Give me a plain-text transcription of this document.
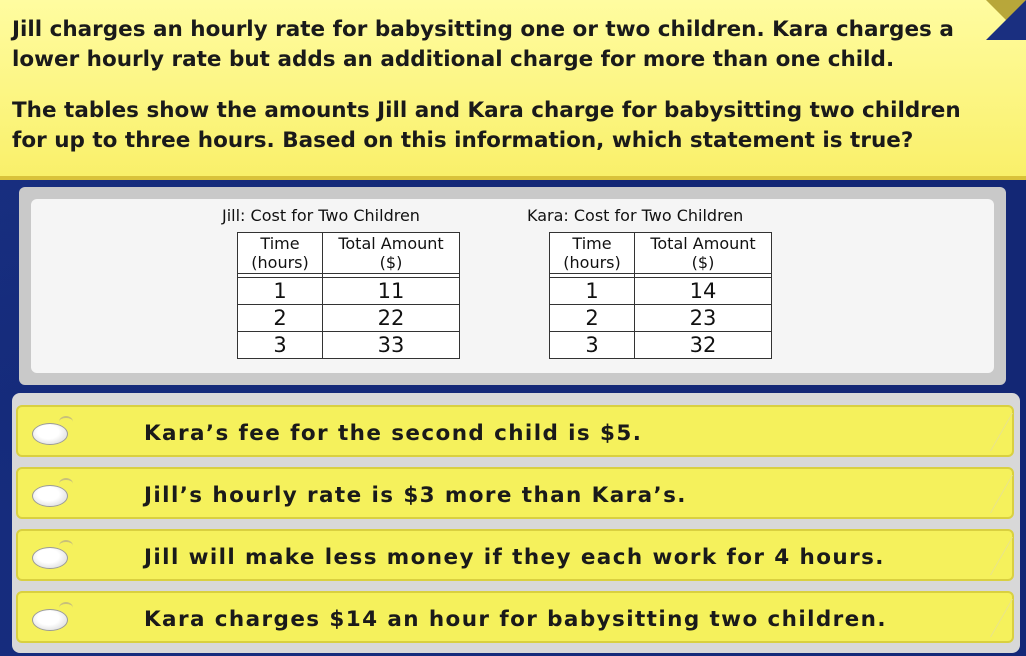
Jill charges an hourly rate for babysitting one or two children. Kara charges a lower hourly rate but adds an additional charge for more than one child.

The tables show the amounts Jill and Kara charge for babysitting two children for up to three hours. Based on this information, which statement is true?

Jill: Cost for Two Children

Time (hours)	Total Amount ($)

1	11
2	22
3	33

Kara: Cost for Two Children

Time (hours)	Total Amount ($)

1	14
2	23
3	32
Kara’s fee for the second child is $5.
Jill’s hourly rate is $3 more than Kara’s.
Jill will make less money if they each work for 4 hours.
Kara charges $14 an hour for babysitting two children.
